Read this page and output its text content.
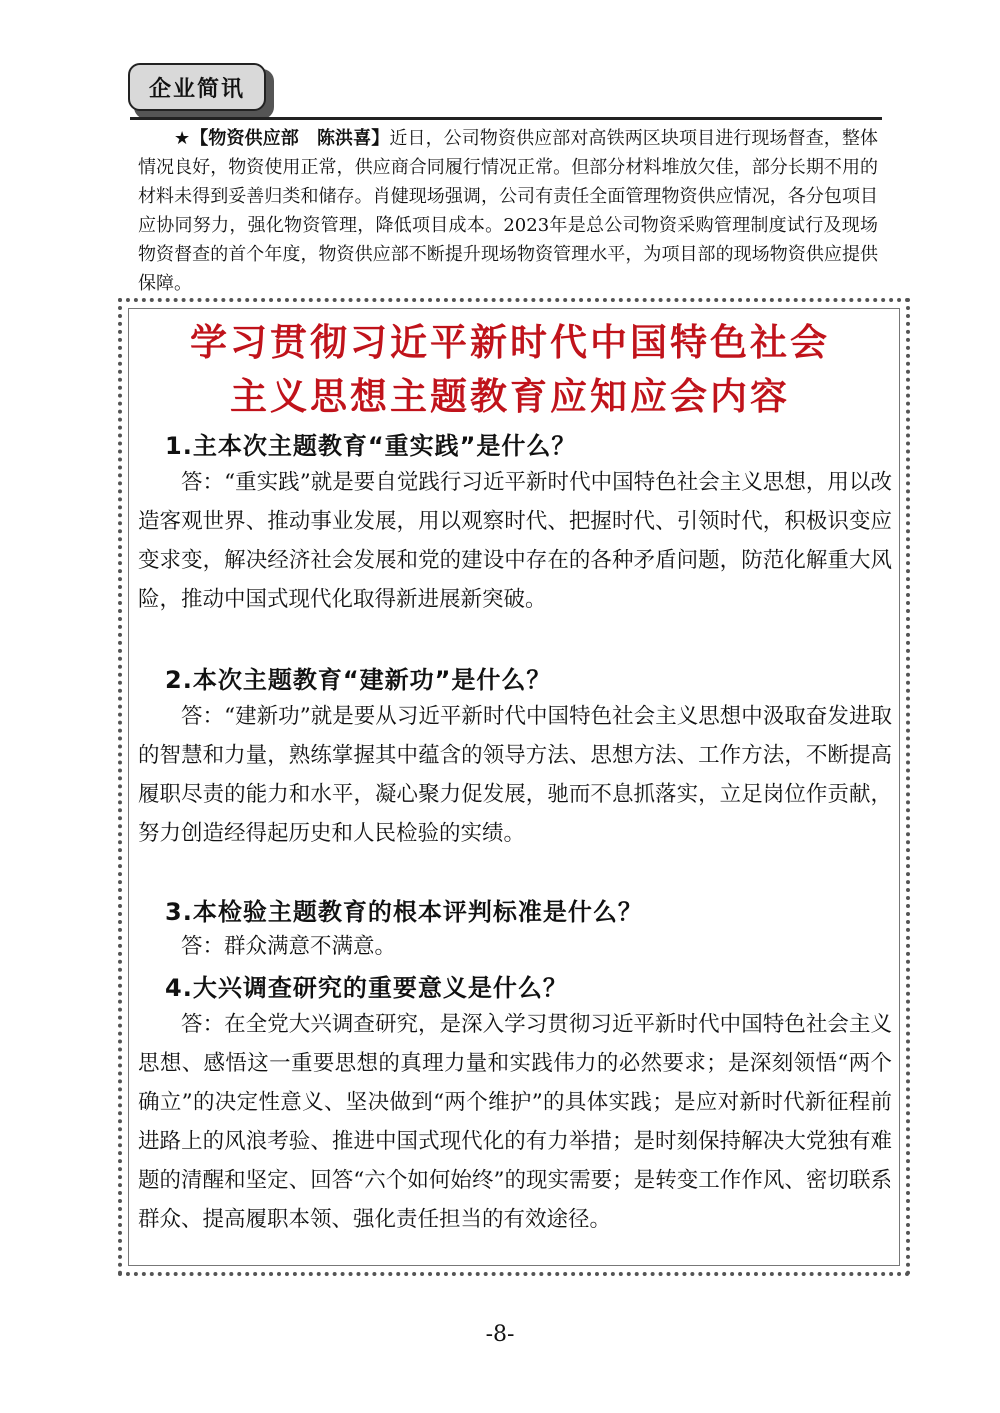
企业简讯
★【物资供应部　陈洪喜】近日，公司物资供应部对高铁两区块项目进行现场督查，整体情况良好，物资使用正常，供应商合同履行情况正常。但部分材料堆放欠佳，部分长期不用的材料未得到妥善归类和储存。肖健现场强调，公司有责任全面管理物资供应情况，各分包项目应协同努力，强化物资管理，降低项目成本。2023年是总公司物资采购管理制度试行及现场物资督查的首个年度，物资供应部不断提升现场物资管理水平，为项目部的现场物资供应提供保障。
学习贯彻习近平新时代中国特色社会
主义思想主题教育应知应会内容
1.主本次主题教育“重实践”是什么？
答：“重实践”就是要自觉践行习近平新时代中国特色社会主义思想，用以改造客观世界、推动事业发展，用以观察时代、把握时代、引领时代，积极识变应变求变，解决经济社会发展和党的建设中存在的各种矛盾问题，防范化解重大风险，推动中国式现代化取得新进展新突破。
2.本次主题教育“建新功”是什么？
答：“建新功”就是要从习近平新时代中国特色社会主义思想中汲取奋发进取的智慧和力量，熟练掌握其中蕴含的领导方法、思想方法、工作方法，不断提高履职尽责的能力和水平，凝心聚力促发展，驰而不息抓落实，立足岗位作贡献，努力创造经得起历史和人民检验的实绩。
3.本检验主题教育的根本评判标准是什么？
答：群众满意不满意。
4.大兴调查研究的重要意义是什么？
答：在全党大兴调查研究，是深入学习贯彻习近平新时代中国特色社会主义思想、感悟这一重要思想的真理力量和实践伟力的必然要求；是深刻领悟“两个确立”的决定性意义、坚决做到“两个维护”的具体实践；是应对新时代新征程前进路上的风浪考验、推进中国式现代化的有力举措；是时刻保持解决大党独有难题的清醒和坚定、回答“六个如何始终”的现实需要；是转变工作作风、密切联系群众、提高履职本领、强化责任担当的有效途径。
-8-
